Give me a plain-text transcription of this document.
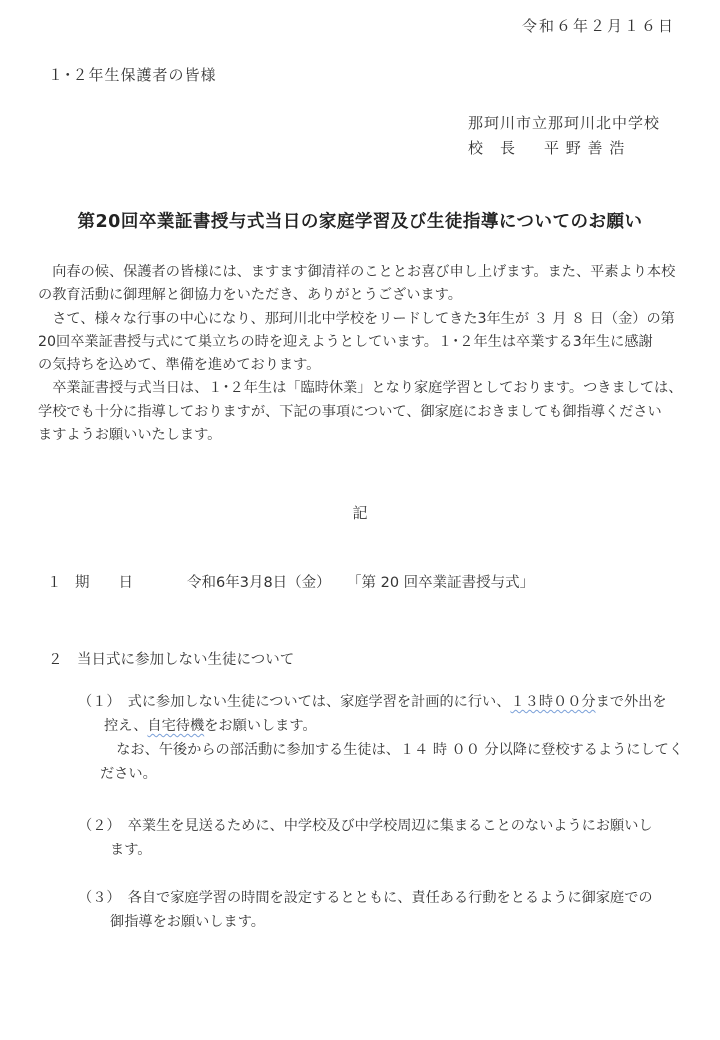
令和６年２月１６日
１･２年生保護者の皆様
那珂川市立那珂川北中学校
校　長 平 野 善 浩
第20回卒業証書授与式当日の家庭学習及び生徒指導についてのお願い

　向春の候、保護者の皆様には、ますます御清祥のこととお喜び申し上げます。また、平素より本校

の教育活動に御理解と御協力をいただき、ありがとうございます。

　さて、様々な行事の中心になり、那珂川北中学校をリードしてきた3年生が ３ 月 ８ 日（金）の第

20回卒業証書授与式にて巣立ちの時を迎えようとしています。１･２年生は卒業する3年生に感謝

の気持ちを込めて、準備を進めております。

　卒業証書授与式当日は、１･２年生は「臨時休業」となり家庭学習としております。つきましては、

学校でも十分に指導しておりますが、下記の事項について、御家庭におきましても御指導ください

ますようお願いいたします。

記
１ 期　　日	令和6年3月8日（金） 「第 20 回卒業証書授与式」
２　当日式に参加しない生徒について

（１）　式に参加しない生徒については、家庭学習を計画的に行い、１３時００分まで外出を

控え、自宅待機をお願いします。

　なお、午後からの部活動に参加する生徒は、１４ 時 ００ 分以降に登校するようにしてく

ださい。

（２）　卒業生を見送るために、中学校及び中学校周辺に集まることのないようにお願いし

ます。

（３）　各自で家庭学習の時間を設定するとともに、責任ある行動をとるように御家庭での

御指導をお願いします。
